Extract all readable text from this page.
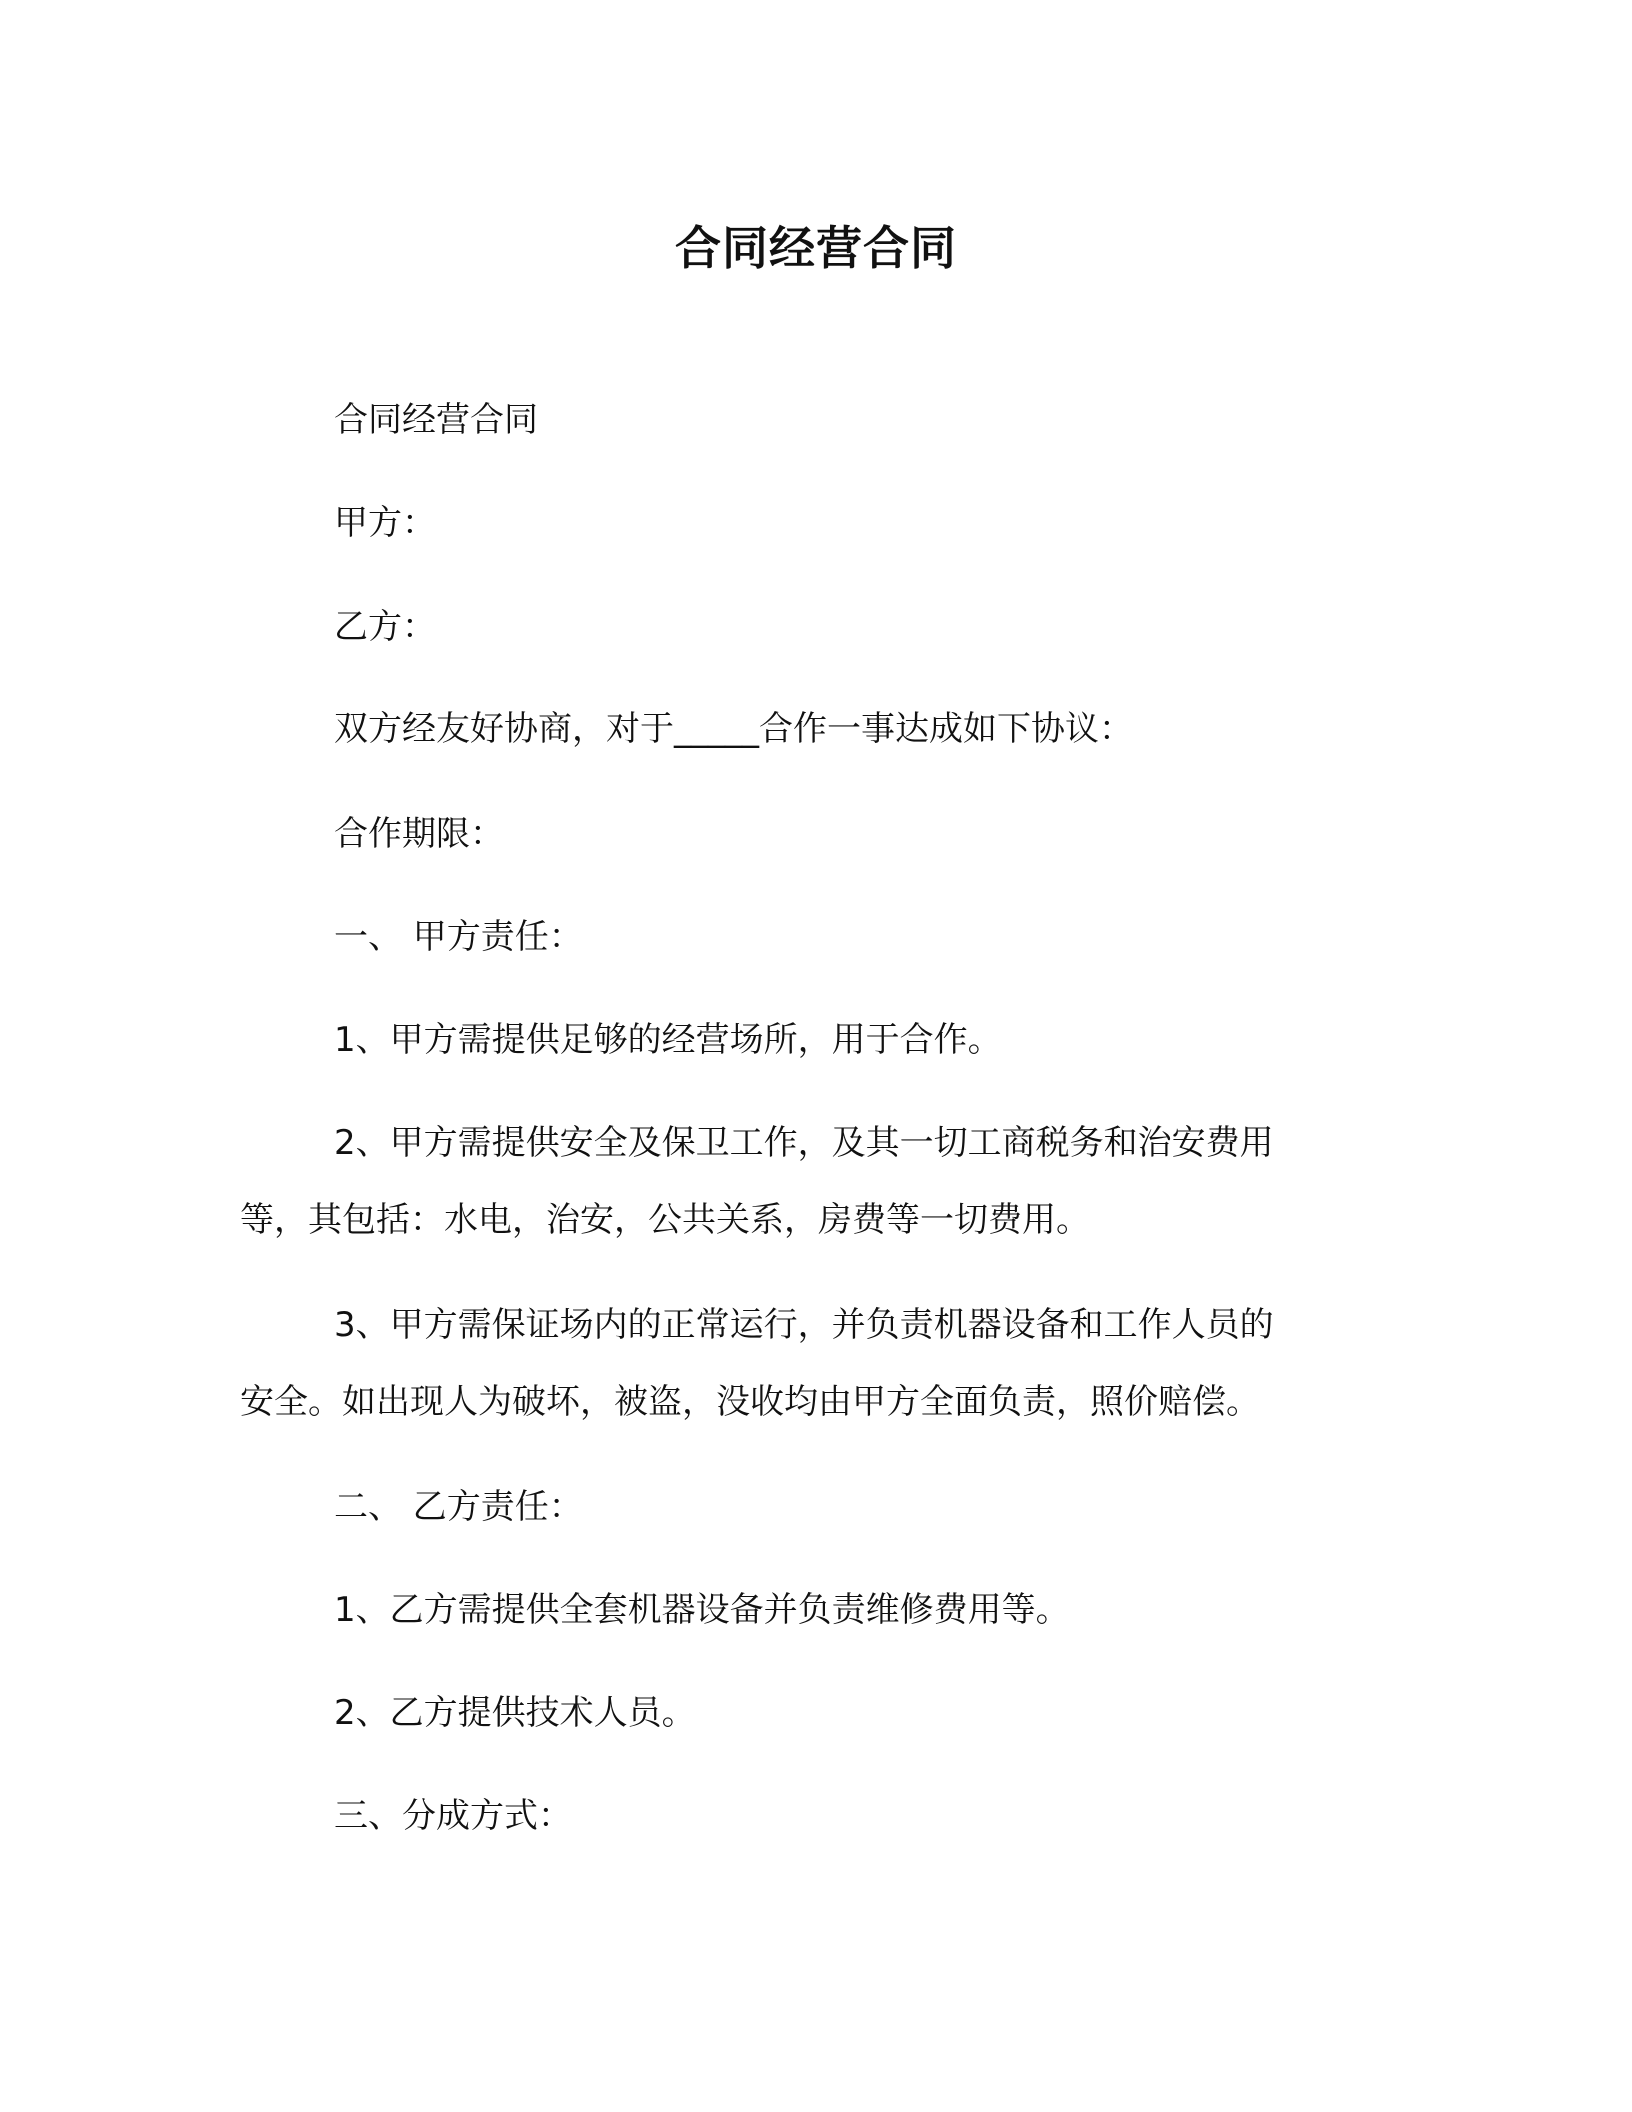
合同经营合同
合同经营合同
甲方：
乙方：
双方经友好协商，对于_____合作一事达成如下协议：
合作期限：
一、 甲方责任：
1、甲方需提供足够的经营场所，用于合作。
2、甲方需提供安全及保卫工作，及其一切工商税务和治安费用
等，其包括：水电，治安，公共关系，房费等一切费用。
3、甲方需保证场内的正常运行，并负责机器设备和工作人员的
安全。如出现人为破坏，被盗，没收均由甲方全面负责，照价赔偿。
二、 乙方责任：
1、乙方需提供全套机器设备并负责维修费用等。
2、乙方提供技术人员。
三、分成方式：
